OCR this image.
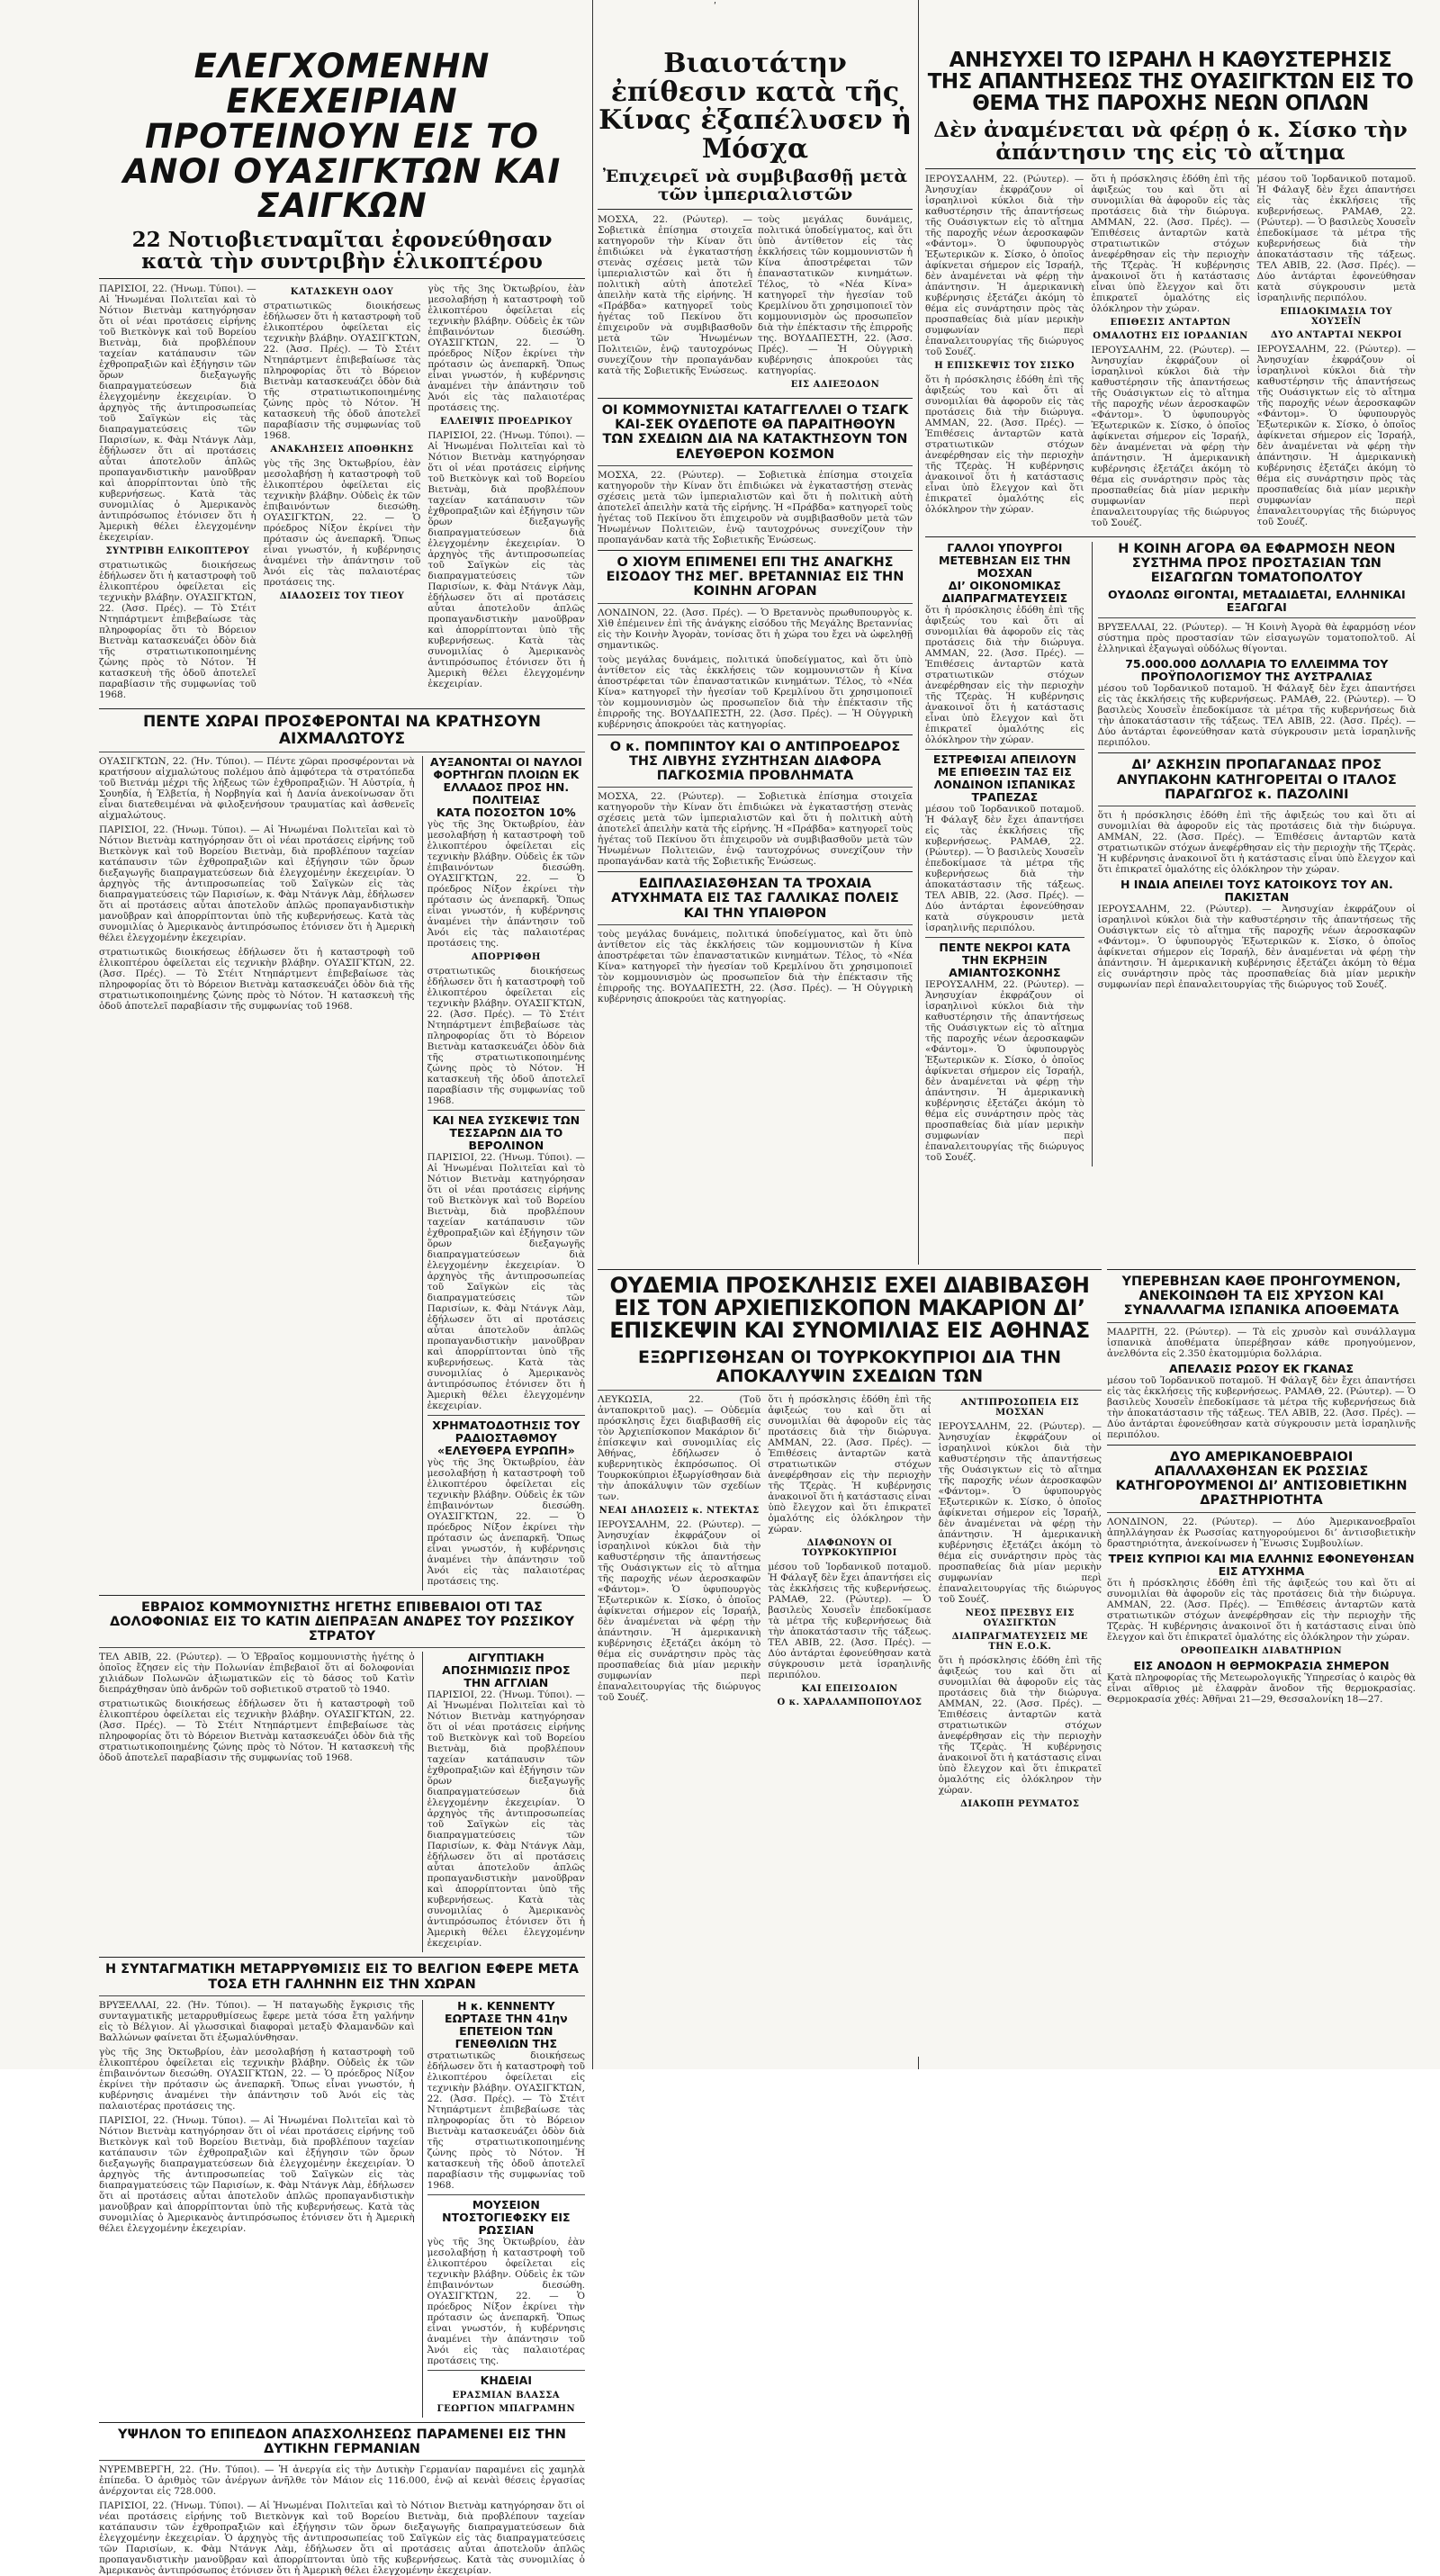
ʹ
ΕΛΕΓΧΟΜΕΝΗΝ ΕΚΕΧΕΙΡΙΑΝ ΠΡΟΤΕΙΝΟΥΝ ΕΙΣ ΤΟ ΑΝΟΙ ΟΥΑΣΙΓΚΤΩΝ ΚΑΙ ΣΑΙΓΚΩΝ
22 Νοτιοβιετναμῖται ἐφονεύθησαν κατὰ τὴν συντριβὴν ἑλικοπτέρου

ΠΑΡΙΣΙΟΙ, 22. (Ἡνωμ. Τύποι). — Αἱ Ἡνωμέναι Πολιτεῖαι καὶ τὸ Νότιον Βιετνὰμ κατηγόρησαν ὅτι οἱ νέαι προτάσεις εἰρήνης τοῦ Βιετκὸνγκ καὶ τοῦ Βορείου Βιετνὰμ, διὰ προβλέπουν ταχείαν κατάπαυσιν τῶν ἐχθροπραξιῶν καὶ ἐξήγησιν τῶν ὅρων διεξαγωγῆς διαπραγματεύσεων διὰ ἐλεγχομένην ἐκεχειρίαν. Ὁ ἀρχηγὸς τῆς ἀντιπροσωπείας τοῦ Σαϊγκὼν εἰς τὰς διαπραγματεύσεις τῶν Παρισίων, κ. Φὰμ Ντάνγκ Λὰμ, ἐδήλωσεν ὅτι αἱ προτάσεις αὗται ἀποτελοῦν ἀπλῶς προπαγανδιστικὴν μανοῦβραν καὶ ἀπορρίπτονται ὑπὸ τῆς κυβερνήσεως. Κατὰ τὰς συνομιλίας ὁ Ἀμερικανὸς ἀντιπρόσωπος ἐτόνισεν ὅτι ἡ Ἀμερικὴ θέλει ἐλεγχομένην ἐκεχειρίαν.

ΣΥΝΤΡΙΒΗ ΕΛΙΚΟΠΤΕΡΟΥ

στρατιωτικῶς διοικήσεως ἐδήλωσεν ὅτι ἡ καταστροφὴ τοῦ ἑλικοπτέρου ὀφείλεται εἰς τεχνικὴν βλάβην. ΟΥΑΣΙΓΚΤΩΝ, 22. (Ἀσσ. Πρές). — Τὸ Στέιτ Ντηπάρτμεντ ἐπιβεβαίωσε τὰς πληροφορίας ὅτι τὸ Βόρειον Βιετνὰμ κατασκευάζει ὁδὸν διὰ τῆς στρατιωτικοποιημένης ζώνης πρὸς τὸ Νότον. Ἡ κατασκευὴ τῆς ὁδοῦ ἀποτελεῖ παραβίασιν τῆς συμφωνίας τοῦ 1968.

ΚΑΤΑΣΚΕΥΗ ΟΔΟΥ

στρατιωτικῶς διοικήσεως ἐδήλωσεν ὅτι ἡ καταστροφὴ τοῦ ἑλικοπτέρου ὀφείλεται εἰς τεχνικὴν βλάβην. ΟΥΑΣΙΓΚΤΩΝ, 22. (Ἀσσ. Πρές). — Τὸ Στέιτ Ντηπάρτμεντ ἐπιβεβαίωσε τὰς πληροφορίας ὅτι τὸ Βόρειον Βιετνὰμ κατασκευάζει ὁδὸν διὰ τῆς στρατιωτικοποιημένης ζώνης πρὸς τὸ Νότον. Ἡ κατασκευὴ τῆς ὁδοῦ ἀποτελεῖ παραβίασιν τῆς συμφωνίας τοῦ 1968.

ΑΝΑΚΛΗΣΕΙΣ ΑΠΟΘΗΚΗΣ

γὺς τῆς 3ης Ὀκτωβρίου, ἐὰν μεσολαβήσῃ ἡ καταστροφὴ τοῦ ἑλικοπτέρου ὀφείλεται εἰς τεχνικὴν βλάβην. Οὐδεὶς ἐκ τῶν ἐπιβαινόντων διεσώθη. ΟΥΑΣΙΓΚΤΩΝ, 22. — Ὁ πρόεδρος Νίξον ἐκρίνει τὴν πρότασιν ὡς ἀνεπαρκῆ. Ὅπως εἶναι γνωστόν, ἡ κυβέρνησις ἀναμένει τὴν ἀπάντησιν τοῦ Ἀνόι εἰς τὰς παλαιοτέρας προτάσεις της.

ΔΙΑΔΟΣΕΙΣ ΤΟΥ ΤΙΕΟΥ

γὺς τῆς 3ης Ὀκτωβρίου, ἐὰν μεσολαβήσῃ ἡ καταστροφὴ τοῦ ἑλικοπτέρου ὀφείλεται εἰς τεχνικὴν βλάβην. Οὐδεὶς ἐκ τῶν ἐπιβαινόντων διεσώθη. ΟΥΑΣΙΓΚΤΩΝ, 22. — Ὁ πρόεδρος Νίξον ἐκρίνει τὴν πρότασιν ὡς ἀνεπαρκῆ. Ὅπως εἶναι γνωστόν, ἡ κυβέρνησις ἀναμένει τὴν ἀπάντησιν τοῦ Ἀνόι εἰς τὰς παλαιοτέρας προτάσεις της.

ΕΛΛΕΙΨΙΣ ΠΡΟΕΔΡΙΚΟΥ

ΠΑΡΙΣΙΟΙ, 22. (Ἡνωμ. Τύποι). — Αἱ Ἡνωμέναι Πολιτεῖαι καὶ τὸ Νότιον Βιετνὰμ κατηγόρησαν ὅτι οἱ νέαι προτάσεις εἰρήνης τοῦ Βιετκὸνγκ καὶ τοῦ Βορείου Βιετνὰμ, διὰ προβλέπουν ταχείαν κατάπαυσιν τῶν ἐχθροπραξιῶν καὶ ἐξήγησιν τῶν ὅρων διεξαγωγῆς διαπραγματεύσεων διὰ ἐλεγχομένην ἐκεχειρίαν. Ὁ ἀρχηγὸς τῆς ἀντιπροσωπείας τοῦ Σαϊγκὼν εἰς τὰς διαπραγματεύσεις τῶν Παρισίων, κ. Φὰμ Ντάνγκ Λὰμ, ἐδήλωσεν ὅτι αἱ προτάσεις αὗται ἀποτελοῦν ἀπλῶς προπαγανδιστικὴν μανοῦβραν καὶ ἀπορρίπτονται ὑπὸ τῆς κυβερνήσεως. Κατὰ τὰς συνομιλίας ὁ Ἀμερικανὸς ἀντιπρόσωπος ἐτόνισεν ὅτι ἡ Ἀμερικὴ θέλει ἐλεγχομένην ἐκεχειρίαν.

ΠΕΝΤΕ ΧΩΡΑΙ ΠΡΟΣΦΕΡΟΝΤΑΙ ΝΑ ΚΡΑΤΗΣΟΥΝ ΑΙΧΜΑΛΩΤΟΥΣ

ΟΥΑΣΙΓΚΤΩΝ, 22. (Ἡν. Τύποι). — Πέντε χῶραι προσφέρονται νὰ κρατήσουν αἰχμαλώτους πολέμου ἀπὸ ἀμφότερα τὰ στρατόπεδα τοῦ Βιετνάμ μέχρι τῆς λήξεως τῶν ἐχθροπραξιῶν. Ἡ Αὐστρία, ἡ Σουηδία, ἡ Ἐλβετία, ἡ Νορβηγία καὶ ἡ Δανία ἀνεκοίνωσαν ὅτι εἶναι διατεθειμέναι νὰ φιλοξενήσουν τραυματίας καὶ ἀσθενεῖς αἰχμαλώτους.

ΠΑΡΙΣΙΟΙ, 22. (Ἡνωμ. Τύποι). — Αἱ Ἡνωμέναι Πολιτεῖαι καὶ τὸ Νότιον Βιετνὰμ κατηγόρησαν ὅτι οἱ νέαι προτάσεις εἰρήνης τοῦ Βιετκὸνγκ καὶ τοῦ Βορείου Βιετνὰμ, διὰ προβλέπουν ταχείαν κατάπαυσιν τῶν ἐχθροπραξιῶν καὶ ἐξήγησιν τῶν ὅρων διεξαγωγῆς διαπραγματεύσεων διὰ ἐλεγχομένην ἐκεχειρίαν. Ὁ ἀρχηγὸς τῆς ἀντιπροσωπείας τοῦ Σαϊγκὼν εἰς τὰς διαπραγματεύσεις τῶν Παρισίων, κ. Φὰμ Ντάνγκ Λὰμ, ἐδήλωσεν ὅτι αἱ προτάσεις αὗται ἀποτελοῦν ἀπλῶς προπαγανδιστικὴν μανοῦβραν καὶ ἀπορρίπτονται ὑπὸ τῆς κυβερνήσεως. Κατὰ τὰς συνομιλίας ὁ Ἀμερικανὸς ἀντιπρόσωπος ἐτόνισεν ὅτι ἡ Ἀμερικὴ θέλει ἐλεγχομένην ἐκεχειρίαν.

στρατιωτικῶς διοικήσεως ἐδήλωσεν ὅτι ἡ καταστροφὴ τοῦ ἑλικοπτέρου ὀφείλεται εἰς τεχνικὴν βλάβην. ΟΥΑΣΙΓΚΤΩΝ, 22. (Ἀσσ. Πρές). — Τὸ Στέιτ Ντηπάρτμεντ ἐπιβεβαίωσε τὰς πληροφορίας ὅτι τὸ Βόρειον Βιετνὰμ κατασκευάζει ὁδὸν διὰ τῆς στρατιωτικοποιημένης ζώνης πρὸς τὸ Νότον. Ἡ κατασκευὴ τῆς ὁδοῦ ἀποτελεῖ παραβίασιν τῆς συμφωνίας τοῦ 1968.

ΑΥΞΑΝΟΝΤΑΙ ΟΙ ΝΑΥΛΟΙ ΦΟΡΤΗΓΩΝ ΠΛΟΙΩΝ ΕΚ ΕΛΛΑΔΟΣ ΠΡΟΣ ΗΝ. ΠΟΛΙΤΕΙΑΣ
ΚΑΤΑ ΠΟΣΟΣΤΟΝ 10%

γὺς τῆς 3ης Ὀκτωβρίου, ἐὰν μεσολαβήσῃ ἡ καταστροφὴ τοῦ ἑλικοπτέρου ὀφείλεται εἰς τεχνικὴν βλάβην. Οὐδεὶς ἐκ τῶν ἐπιβαινόντων διεσώθη. ΟΥΑΣΙΓΚΤΩΝ, 22. — Ὁ πρόεδρος Νίξον ἐκρίνει τὴν πρότασιν ὡς ἀνεπαρκῆ. Ὅπως εἶναι γνωστόν, ἡ κυβέρνησις ἀναμένει τὴν ἀπάντησιν τοῦ Ἀνόι εἰς τὰς παλαιοτέρας προτάσεις της.

ΑΠΟΡΡΙΦΘΗ

στρατιωτικῶς διοικήσεως ἐδήλωσεν ὅτι ἡ καταστροφὴ τοῦ ἑλικοπτέρου ὀφείλεται εἰς τεχνικὴν βλάβην. ΟΥΑΣΙΓΚΤΩΝ, 22. (Ἀσσ. Πρές). — Τὸ Στέιτ Ντηπάρτμεντ ἐπιβεβαίωσε τὰς πληροφορίας ὅτι τὸ Βόρειον Βιετνὰμ κατασκευάζει ὁδὸν διὰ τῆς στρατιωτικοποιημένης ζώνης πρὸς τὸ Νότον. Ἡ κατασκευὴ τῆς ὁδοῦ ἀποτελεῖ παραβίασιν τῆς συμφωνίας τοῦ 1968.

ΚΑΙ ΝΕΑ ΣΥΣΚΕΨΙΣ ΤΩΝ ΤΕΣΣΑΡΩΝ ΔΙΑ ΤΟ ΒΕΡΟΛΙΝΟΝ

ΠΑΡΙΣΙΟΙ, 22. (Ἡνωμ. Τύποι). — Αἱ Ἡνωμέναι Πολιτεῖαι καὶ τὸ Νότιον Βιετνὰμ κατηγόρησαν ὅτι οἱ νέαι προτάσεις εἰρήνης τοῦ Βιετκὸνγκ καὶ τοῦ Βορείου Βιετνὰμ, διὰ προβλέπουν ταχείαν κατάπαυσιν τῶν ἐχθροπραξιῶν καὶ ἐξήγησιν τῶν ὅρων διεξαγωγῆς διαπραγματεύσεων διὰ ἐλεγχομένην ἐκεχειρίαν. Ὁ ἀρχηγὸς τῆς ἀντιπροσωπείας τοῦ Σαϊγκὼν εἰς τὰς διαπραγματεύσεις τῶν Παρισίων, κ. Φὰμ Ντάνγκ Λὰμ, ἐδήλωσεν ὅτι αἱ προτάσεις αὗται ἀποτελοῦν ἀπλῶς προπαγανδιστικὴν μανοῦβραν καὶ ἀπορρίπτονται ὑπὸ τῆς κυβερνήσεως. Κατὰ τὰς συνομιλίας ὁ Ἀμερικανὸς ἀντιπρόσωπος ἐτόνισεν ὅτι ἡ Ἀμερικὴ θέλει ἐλεγχομένην ἐκεχειρίαν.

ΧΡΗΜΑΤΟΔΟΤΗΣΙΣ ΤΟΥ ΡΑΔΙΟΣΤΑΘΜΟΥ «ΕΛΕΥΘΕΡΑ ΕΥΡΩΠΗ»

γὺς τῆς 3ης Ὀκτωβρίου, ἐὰν μεσολαβήσῃ ἡ καταστροφὴ τοῦ ἑλικοπτέρου ὀφείλεται εἰς τεχνικὴν βλάβην. Οὐδεὶς ἐκ τῶν ἐπιβαινόντων διεσώθη. ΟΥΑΣΙΓΚΤΩΝ, 22. — Ὁ πρόεδρος Νίξον ἐκρίνει τὴν πρότασιν ὡς ἀνεπαρκῆ. Ὅπως εἶναι γνωστόν, ἡ κυβέρνησις ἀναμένει τὴν ἀπάντησιν τοῦ Ἀνόι εἰς τὰς παλαιοτέρας προτάσεις της.

ΕΒΡΑΙΟΣ ΚΟΜΜΟΥΝΙΣΤΗΣ ΗΓΕΤΗΣ ΕΠΙΒΕΒΑΙΟΙ ΟΤΙ ΤΑΣ ΔΟΛΟΦΟΝΙΑΣ ΕΙΣ ΤΟ ΚΑΤΙΝ ΔΙΕΠΡΑΞΑΝ ΑΝΔΡΕΣ ΤΟΥ ΡΩΣΣΙΚΟΥ ΣΤΡΑΤΟΥ

ΤΕΛ ΑΒΙΒ, 22. (Ρώυτερ). — Ὁ Ἑβραῖος κομμουνιστὴς ἡγέτης ὁ ὁποῖος ἔζησεν εἰς τὴν Πολωνίαν ἐπιβεβαιοῖ ὅτι αἱ δολοφονίαι χιλιάδων Πολωνῶν ἀξιωματικῶν εἰς τὸ δάσος τοῦ Κατὶν διεπράχθησαν ὑπὸ ἀνδρῶν τοῦ σοβιετικοῦ στρατοῦ τὸ 1940.

στρατιωτικῶς διοικήσεως ἐδήλωσεν ὅτι ἡ καταστροφὴ τοῦ ἑλικοπτέρου ὀφείλεται εἰς τεχνικὴν βλάβην. ΟΥΑΣΙΓΚΤΩΝ, 22. (Ἀσσ. Πρές). — Τὸ Στέιτ Ντηπάρτμεντ ἐπιβεβαίωσε τὰς πληροφορίας ὅτι τὸ Βόρειον Βιετνὰμ κατασκευάζει ὁδὸν διὰ τῆς στρατιωτικοποιημένης ζώνης πρὸς τὸ Νότον. Ἡ κατασκευὴ τῆς ὁδοῦ ἀποτελεῖ παραβίασιν τῆς συμφωνίας τοῦ 1968.

ΑΙΓΥΠΤΙΑΚΗ ΑΠΟΣΗΜΙΩΣΙΣ ΠΡΟΣ ΤΗΝ ΑΓΓΛΙΑΝ

ΠΑΡΙΣΙΟΙ, 22. (Ἡνωμ. Τύποι). — Αἱ Ἡνωμέναι Πολιτεῖαι καὶ τὸ Νότιον Βιετνὰμ κατηγόρησαν ὅτι οἱ νέαι προτάσεις εἰρήνης τοῦ Βιετκὸνγκ καὶ τοῦ Βορείου Βιετνὰμ, διὰ προβλέπουν ταχείαν κατάπαυσιν τῶν ἐχθροπραξιῶν καὶ ἐξήγησιν τῶν ὅρων διεξαγωγῆς διαπραγματεύσεων διὰ ἐλεγχομένην ἐκεχειρίαν. Ὁ ἀρχηγὸς τῆς ἀντιπροσωπείας τοῦ Σαϊγκὼν εἰς τὰς διαπραγματεύσεις τῶν Παρισίων, κ. Φὰμ Ντάνγκ Λὰμ, ἐδήλωσεν ὅτι αἱ προτάσεις αὗται ἀποτελοῦν ἀπλῶς προπαγανδιστικὴν μανοῦβραν καὶ ἀπορρίπτονται ὑπὸ τῆς κυβερνήσεως. Κατὰ τὰς συνομιλίας ὁ Ἀμερικανὸς ἀντιπρόσωπος ἐτόνισεν ὅτι ἡ Ἀμερικὴ θέλει ἐλεγχομένην ἐκεχειρίαν.

Η ΣΥΝΤΑΓΜΑΤΙΚΗ ΜΕΤΑΡΡΥΘΜΙΣΙΣ ΕΙΣ ΤΟ ΒΕΛΓΙΟΝ ΕΦΕΡΕ ΜΕΤΑ ΤΟΣΑ ΕΤΗ ΓΑΛΗΝΗΝ ΕΙΣ ΤΗΝ ΧΩΡΑΝ

ΒΡΥΞΕΛΛΑΙ, 22. (Ἡν. Τύποι). — Ἡ παταγωδὴς ἔγκρισις τῆς συνταγματικῆς μεταρρυθμίσεως ἔφερε μετὰ τόσα ἔτη γαλήνην εἰς τὸ Βέλγιον. Αἱ γλωσσικαὶ διαφοραὶ μεταξὺ Φλαμανδῶν καὶ Βαλλώνων φαίνεται ὅτι ἐξωμαλύνθησαν.

γὺς τῆς 3ης Ὀκτωβρίου, ἐὰν μεσολαβήσῃ ἡ καταστροφὴ τοῦ ἑλικοπτέρου ὀφείλεται εἰς τεχνικὴν βλάβην. Οὐδεὶς ἐκ τῶν ἐπιβαινόντων διεσώθη. ΟΥΑΣΙΓΚΤΩΝ, 22. — Ὁ πρόεδρος Νίξον ἐκρίνει τὴν πρότασιν ὡς ἀνεπαρκῆ. Ὅπως εἶναι γνωστόν, ἡ κυβέρνησις ἀναμένει τὴν ἀπάντησιν τοῦ Ἀνόι εἰς τὰς παλαιοτέρας προτάσεις της.

ΠΑΡΙΣΙΟΙ, 22. (Ἡνωμ. Τύποι). — Αἱ Ἡνωμέναι Πολιτεῖαι καὶ τὸ Νότιον Βιετνὰμ κατηγόρησαν ὅτι οἱ νέαι προτάσεις εἰρήνης τοῦ Βιετκὸνγκ καὶ τοῦ Βορείου Βιετνὰμ, διὰ προβλέπουν ταχείαν κατάπαυσιν τῶν ἐχθροπραξιῶν καὶ ἐξήγησιν τῶν ὅρων διεξαγωγῆς διαπραγματεύσεων διὰ ἐλεγχομένην ἐκεχειρίαν. Ὁ ἀρχηγὸς τῆς ἀντιπροσωπείας τοῦ Σαϊγκὼν εἰς τὰς διαπραγματεύσεις τῶν Παρισίων, κ. Φὰμ Ντάνγκ Λὰμ, ἐδήλωσεν ὅτι αἱ προτάσεις αὗται ἀποτελοῦν ἀπλῶς προπαγανδιστικὴν μανοῦβραν καὶ ἀπορρίπτονται ὑπὸ τῆς κυβερνήσεως. Κατὰ τὰς συνομιλίας ὁ Ἀμερικανὸς ἀντιπρόσωπος ἐτόνισεν ὅτι ἡ Ἀμερικὴ θέλει ἐλεγχομένην ἐκεχειρίαν.

Η κ. ΚΕΝΝΕΝΤΥ ΕΩΡΤΑΣΕ ΤΗΝ 41ην ΕΠΕΤΕΙΟΝ ΤΩΝ ΓΕΝΕΘΛΙΩΝ ΤΗΣ

στρατιωτικῶς διοικήσεως ἐδήλωσεν ὅτι ἡ καταστροφὴ τοῦ ἑλικοπτέρου ὀφείλεται εἰς τεχνικὴν βλάβην. ΟΥΑΣΙΓΚΤΩΝ, 22. (Ἀσσ. Πρές). — Τὸ Στέιτ Ντηπάρτμεντ ἐπιβεβαίωσε τὰς πληροφορίας ὅτι τὸ Βόρειον Βιετνὰμ κατασκευάζει ὁδὸν διὰ τῆς στρατιωτικοποιημένης ζώνης πρὸς τὸ Νότον. Ἡ κατασκευὴ τῆς ὁδοῦ ἀποτελεῖ παραβίασιν τῆς συμφωνίας τοῦ 1968.

ΜΟΥΣΕΙΟΝ ΝΤΟΣΤΟΓΙΕΦΣΚΥ ΕΙΣ ΡΩΣΣΙΑΝ

γὺς τῆς 3ης Ὀκτωβρίου, ἐὰν μεσολαβήσῃ ἡ καταστροφὴ τοῦ ἑλικοπτέρου ὀφείλεται εἰς τεχνικὴν βλάβην. Οὐδεὶς ἐκ τῶν ἐπιβαινόντων διεσώθη. ΟΥΑΣΙΓΚΤΩΝ, 22. — Ὁ πρόεδρος Νίξον ἐκρίνει τὴν πρότασιν ὡς ἀνεπαρκῆ. Ὅπως εἶναι γνωστόν, ἡ κυβέρνησις ἀναμένει τὴν ἀπάντησιν τοῦ Ἀνόι εἰς τὰς παλαιοτέρας προτάσεις της.

ΚΗΔΕΙΑΙ
ΕΡΑΣΜΙΑΝ ΒΛΑΣΣΑ
ΓΕΩΡΓΙΟΝ ΜΠΑΓΡΑΜΗΝ
ΥΨΗΛΟΝ ΤΟ ΕΠΙΠΕΔΟΝ ΑΠΑΣΧΟΛΗΣΕΩΣ ΠΑΡΑΜΕΝΕΙ ΕΙΣ ΤΗΝ ΔΥΤΙΚΗΝ ΓΕΡΜΑΝΙΑΝ

ΝΥΡΕΜΒΕΡΓΗ, 22. (Ἡν. Τύποι). — Ἡ ἀνεργία εἰς τὴν Δυτικὴν Γερμανίαν παραμένει εἰς χαμηλὰ ἐπίπεδα. Ὁ ἀριθμὸς τῶν ἀνέργων ἀνῆλθε τὸν Μάιον εἰς 116.000, ἐνῷ αἱ κενὰὶ θέσεις ἐργασίας ἀνέρχονται εἰς 728.000.

ΠΑΡΙΣΙΟΙ, 22. (Ἡνωμ. Τύποι). — Αἱ Ἡνωμέναι Πολιτεῖαι καὶ τὸ Νότιον Βιετνὰμ κατηγόρησαν ὅτι οἱ νέαι προτάσεις εἰρήνης τοῦ Βιετκὸνγκ καὶ τοῦ Βορείου Βιετνὰμ, διὰ προβλέπουν ταχείαν κατάπαυσιν τῶν ἐχθροπραξιῶν καὶ ἐξήγησιν τῶν ὅρων διεξαγωγῆς διαπραγματεύσεων διὰ ἐλεγχομένην ἐκεχειρίαν. Ὁ ἀρχηγὸς τῆς ἀντιπροσωπείας τοῦ Σαϊγκὼν εἰς τὰς διαπραγματεύσεις τῶν Παρισίων, κ. Φὰμ Ντάνγκ Λὰμ, ἐδήλωσεν ὅτι αἱ προτάσεις αὗται ἀποτελοῦν ἀπλῶς προπαγανδιστικὴν μανοῦβραν καὶ ἀπορρίπτονται ὑπὸ τῆς κυβερνήσεως. Κατὰ τὰς συνομιλίας ὁ Ἀμερικανὸς ἀντιπρόσωπος ἐτόνισεν ὅτι ἡ Ἀμερικὴ θέλει ἐλεγχομένην ἐκεχειρίαν.

Βιαιοτάτην ἐπίθεσιν κατὰ τῆς Κίνας ἐξαπέλυσεν ἡ Μόσχα
Ἐπιχειρεῖ νὰ συμβιβασθῇ μετὰ τῶν ἰμπεριαλιστῶν

ΜΟΣΧΑ, 22. (Ρώυτερ). — Σοβιετικὰ ἐπίσημα στοιχεῖα κατηγοροῦν τὴν Κίναν ὅτι ἐπιδιώκει νὰ ἐγκαταστήσῃ στενὰς σχέσεις μετὰ τῶν ἰμπεριαλιστῶν καὶ ὅτι ἡ πολιτικὴ αὐτὴ ἀποτελεῖ ἀπειλὴν κατὰ τῆς εἰρήνης. Ἡ «Πράβδα» κατηγορεῖ τοὺς ἡγέτας τοῦ Πεκίνου ὅτι ἐπιχειροῦν νὰ συμβιβασθοῦν μετὰ τῶν Ἡνωμένων Πολιτειῶν, ἐνῷ ταυτοχρόνως συνεχίζουν τὴν προπαγάνδαν κατὰ τῆς Σοβιετικῆς Ἑνώσεως.

τοὺς μεγάλας δυνάμεις, πολιτικά ὑποδείγματος, καὶ ὅτι ὑπὸ ἀντίθετον εἰς τὰς ἐκκλήσεις τῶν κομμουνιστῶν ἡ Κίνα ἀποστρέφεται τῶν ἐπαναστατικῶν κινημάτων. Τέλος, τὸ «Νέα Κίνα» κατηγορεῖ τὴν ἡγεσίαν τοῦ Κρεμλίνου ὅτι χρησιμοποιεῖ τὸν κομμουνισμὸν ὡς προσωπεῖον διὰ τὴν ἐπέκτασιν τῆς ἐπιρροῆς της. ΒΟΥΔΑΠΕΣΤΗ, 22. (Ἀσσ. Πρές). — Ἡ Οὑγγρικὴ κυβέρνησις ἀποκρούει τὰς κατηγορίας.

ΕΙΣ ΑΔΙΕΞΟΔΟΝ
ΟΙ ΚΟΜΜΟΥΝΙΣΤΑΙ ΚΑΤΑΓΓΕΛΛΕΙ Ο ΤΣΑΓΚ ΚΑΙ-ΣΕΚ ΟΥΔΕΠΟΤΕ ΘΑ ΠΑΡΑΙΤΗΘΟΥΝ ΤΩΝ ΣΧΕΔΙΩΝ ΔΙΑ ΝΑ ΚΑΤΑΚΤΗΣΟΥΝ ΤΟΝ ΕΛΕΥΘΕΡΟΝ ΚΟΣΜΟΝ

ΜΟΣΧΑ, 22. (Ρώυτερ). — Σοβιετικὰ ἐπίσημα στοιχεῖα κατηγοροῦν τὴν Κίναν ὅτι ἐπιδιώκει νὰ ἐγκαταστήσῃ στενὰς σχέσεις μετὰ τῶν ἰμπεριαλιστῶν καὶ ὅτι ἡ πολιτικὴ αὐτὴ ἀποτελεῖ ἀπειλὴν κατὰ τῆς εἰρήνης. Ἡ «Πράβδα» κατηγορεῖ τοὺς ἡγέτας τοῦ Πεκίνου ὅτι ἐπιχειροῦν νὰ συμβιβασθοῦν μετὰ τῶν Ἡνωμένων Πολιτειῶν, ἐνῷ ταυτοχρόνως συνεχίζουν τὴν προπαγάνδαν κατὰ τῆς Σοβιετικῆς Ἑνώσεως.

Ο ΧΙΟΥΜ ΕΠΙΜΕΝΕΙ ΕΠΙ ΤΗΣ ΑΝΑΓΚΗΣ ΕΙΣΟΔΟΥ ΤΗΣ ΜΕΓ. ΒΡΕΤΑΝΝΙΑΣ ΕΙΣ ΤΗΝ ΚΟΙΝΗΝ ΑΓΟΡΑΝ

ΛΟΝΔΙΝΟΝ, 22. (Ἀσσ. Πρές). — Ὁ Βρεταννὸς πρωθυπουργὸς κ. Χὶθ ἐπέμεινεν ἐπὶ τῆς ἀνάγκης εἰσόδου τῆς Μεγάλης Βρεταννίας εἰς τὴν Κοινὴν Ἀγορὰν, τονίσας ὅτι ἡ χώρα του ἔχει νὰ ὠφεληθῇ σημαντικῶς.

τοὺς μεγάλας δυνάμεις, πολιτικά ὑποδείγματος, καὶ ὅτι ὑπὸ ἀντίθετον εἰς τὰς ἐκκλήσεις τῶν κομμουνιστῶν ἡ Κίνα ἀποστρέφεται τῶν ἐπαναστατικῶν κινημάτων. Τέλος, τὸ «Νέα Κίνα» κατηγορεῖ τὴν ἡγεσίαν τοῦ Κρεμλίνου ὅτι χρησιμοποιεῖ τὸν κομμουνισμὸν ὡς προσωπεῖον διὰ τὴν ἐπέκτασιν τῆς ἐπιρροῆς της. ΒΟΥΔΑΠΕΣΤΗ, 22. (Ἀσσ. Πρές). — Ἡ Οὑγγρικὴ κυβέρνησις ἀποκρούει τὰς κατηγορίας.

Ο κ. ΠΟΜΠΙΝΤΟΥ ΚΑΙ Ο ΑΝΤΙΠΡΟΕΔΡΟΣ ΤΗΣ ΛΙΒΥΗΣ ΣΥΖΗΤΗΣΑΝ ΔΙΑΦΟΡΑ ΠΑΓΚΟΣΜΙΑ ΠΡΟΒΛΗΜΑΤΑ

ΜΟΣΧΑ, 22. (Ρώυτερ). — Σοβιετικὰ ἐπίσημα στοιχεῖα κατηγοροῦν τὴν Κίναν ὅτι ἐπιδιώκει νὰ ἐγκαταστήσῃ στενὰς σχέσεις μετὰ τῶν ἰμπεριαλιστῶν καὶ ὅτι ἡ πολιτικὴ αὐτὴ ἀποτελεῖ ἀπειλὴν κατὰ τῆς εἰρήνης. Ἡ «Πράβδα» κατηγορεῖ τοὺς ἡγέτας τοῦ Πεκίνου ὅτι ἐπιχειροῦν νὰ συμβιβασθοῦν μετὰ τῶν Ἡνωμένων Πολιτειῶν, ἐνῷ ταυτοχρόνως συνεχίζουν τὴν προπαγάνδαν κατὰ τῆς Σοβιετικῆς Ἑνώσεως.

ΕΔΙΠΛΑΣΙΑΣΘΗΣΑΝ ΤΑ ΤΡΟΧΑΙΑ ΑΤΥΧΗΜΑΤΑ ΕΙΣ ΤΑΣ ΓΑΛΛΙΚΑΣ ΠΟΛΕΙΣ ΚΑΙ ΤΗΝ ΥΠΑΙΘΡΟΝ

τοὺς μεγάλας δυνάμεις, πολιτικά ὑποδείγματος, καὶ ὅτι ὑπὸ ἀντίθετον εἰς τὰς ἐκκλήσεις τῶν κομμουνιστῶν ἡ Κίνα ἀποστρέφεται τῶν ἐπαναστατικῶν κινημάτων. Τέλος, τὸ «Νέα Κίνα» κατηγορεῖ τὴν ἡγεσίαν τοῦ Κρεμλίνου ὅτι χρησιμοποιεῖ τὸν κομμουνισμὸν ὡς προσωπεῖον διὰ τὴν ἐπέκτασιν τῆς ἐπιρροῆς της. ΒΟΥΔΑΠΕΣΤΗ, 22. (Ἀσσ. Πρές). — Ἡ Οὑγγρικὴ κυβέρνησις ἀποκρούει τὰς κατηγορίας.

ΟΥΔΕΜΙΑ ΠΡΟΣΚΛΗΣΙΣ ΕΧΕΙ ΔΙΑΒΙΒΑΣΘΗ ΕΙΣ ΤΟΝ ΑΡΧΙΕΠΙΣΚΟΠΟΝ ΜΑΚΑΡΙΟΝ ΔΙ’ ΕΠΙΣΚΕΨΙΝ ΚΑΙ ΣΥΝΟΜΙΛΙΑΣ ΕΙΣ ΑΘΗΝΑΣ
ΕΞΩΡΓΙΣΘΗΣΑΝ ΟΙ ΤΟΥΡΚΟΚΥΠΡΙΟΙ ΔΙΑ ΤΗΝ ΑΠΟΚΑΛΥΨΙΝ ΣΧΕΔΙΩΝ ΤΩΝ

ΛΕΥΚΩΣΙΑ, 22. (Τοῦ ἀνταποκριτοῦ μας). — Οὐδεμία πρόσκλησις ἔχει διαβιβασθῆ εἰς τὸν Ἀρχιεπίσκοπον Μακάριον δι’ ἐπίσκεψιν καὶ συνομιλίας εἰς Ἀθήνας, ἐδήλωσεν ὁ κυβερνητικὸς ἐκπρόσωπος. Οἱ Τουρκοκύπριοι ἐξωργίσθησαν διὰ τὴν ἀποκάλυψιν τῶν σχεδίων των.

ΝΕΑΙ ΔΗΛΩΣΕΙΣ κ. ΝΤΕΚΤΑΣ

ΙΕΡΟΥΣΑΛΗΜ, 22. (Ρώυτερ). — Ἀνησυχίαν ἐκφράζουν οἱ ἰσραηλινοὶ κύκλοι διὰ τὴν καθυστέρησιν τῆς ἀπαντήσεως τῆς Ουάσιγκτων εἰς τὸ αἴτημα τῆς παροχῆς νέων ἀεροσκαφῶν «Φάντομ». Ὁ ὑφυπουργὸς Ἐξωτερικῶν κ. Σίσκο, ὁ ὁποῖος ἀφίκνεται σήμερον εἰς Ἰσραήλ, δὲν ἀναμένεται νὰ φέρῃ τὴν ἀπάντησιν. Ἡ ἀμερικανικὴ κυβέρνησις ἐξετάζει ἀκόμη τὸ θέμα εἰς συνάρτησιν πρὸς τὰς προσπαθείας διὰ μίαν μερικὴν συμφωνίαν περὶ ἐπαναλειτουργίας τῆς διώρυγος τοῦ Σουέζ.

ὅτι ἡ πρόσκλησις ἐδόθη ἐπὶ τῆς ἀφιξεώς του καὶ ὅτι αἱ συνομιλίαι θὰ ἀφοροῦν εἰς τὰς προτάσεις διὰ τὴν διώρυγα. ΑΜΜΑΝ, 22. (Ἀσσ. Πρές). — Ἐπιθέσεις ἀνταρτῶν κατὰ στρατιωτικῶν στόχων ἀνεφέρθησαν εἰς τὴν περιοχὴν τῆς Τζερὰς. Ἡ κυβέρνησις ἀνακοινοῖ ὅτι ἡ κατάστασις εἶναι ὑπὸ ἔλεγχον καὶ ὅτι ἐπικρατεῖ ὁμαλότης εἰς ὁλόκληρον τὴν χώραν.

ΔΙΑΦΩΝΟΥΝ ΟΙ ΤΟΥΡΚΟΚΥΠΡΙΟΙ

μέσου τοῦ Ἰορδανικοῦ ποταμοῦ. Ἡ Φάλαγξ δὲν ἔχει ἀπαντήσει εἰς τὰς ἐκκλήσεις τῆς κυβερνήσεως. ΡΑΜΑΘ, 22. (Ρώυτερ). — Ὁ βασιλεὺς Χουσεῒν ἐπεδοκίμασε τὰ μέτρα τῆς κυβερνήσεως διὰ τὴν ἀποκατάστασιν τῆς τάξεως. ΤΕΛ ΑΒΙΒ, 22. (Ἀσσ. Πρές). — Δύο ἀντάρται ἐφονεύθησαν κατὰ σύγκρουσιν μετὰ ἰσραηλινῆς περιπόλου.

ΚΑΙ ΕΠΕΙΣΟΔΙΟΝ
Ο κ. ΧΑΡΑΛΑΜΠΟΠΟΥΛΟΣ
ΑΝΤΙΠΡΟΣΩΠΕΙΑ ΕΙΣ ΜΟΣΧΑΝ

ΙΕΡΟΥΣΑΛΗΜ, 22. (Ρώυτερ). — Ἀνησυχίαν ἐκφράζουν οἱ ἰσραηλινοὶ κύκλοι διὰ τὴν καθυστέρησιν τῆς ἀπαντήσεως τῆς Ουάσιγκτων εἰς τὸ αἴτημα τῆς παροχῆς νέων ἀεροσκαφῶν «Φάντομ». Ὁ ὑφυπουργὸς Ἐξωτερικῶν κ. Σίσκο, ὁ ὁποῖος ἀφίκνεται σήμερον εἰς Ἰσραήλ, δὲν ἀναμένεται νὰ φέρῃ τὴν ἀπάντησιν. Ἡ ἀμερικανικὴ κυβέρνησις ἐξετάζει ἀκόμη τὸ θέμα εἰς συνάρτησιν πρὸς τὰς προσπαθείας διὰ μίαν μερικὴν συμφωνίαν περὶ ἐπαναλειτουργίας τῆς διώρυγος τοῦ Σουέζ.

ΝΕΟΣ ΠΡΕΣΒΥΣ ΕΙΣ ΟΥΑΣΙΓΚΤΩΝ
ΔΙΑΠΡΑΓΜΑΤΕΥΣΕΙΣ ΜΕ ΤΗΝ Ε.Ο.Κ.

ὅτι ἡ πρόσκλησις ἐδόθη ἐπὶ τῆς ἀφιξεώς του καὶ ὅτι αἱ συνομιλίαι θὰ ἀφοροῦν εἰς τὰς προτάσεις διὰ τὴν διώρυγα. ΑΜΜΑΝ, 22. (Ἀσσ. Πρές). — Ἐπιθέσεις ἀνταρτῶν κατὰ στρατιωτικῶν στόχων ἀνεφέρθησαν εἰς τὴν περιοχὴν τῆς Τζερὰς. Ἡ κυβέρνησις ἀνακοινοῖ ὅτι ἡ κατάστασις εἶναι ὑπὸ ἔλεγχον καὶ ὅτι ἐπικρατεῖ ὁμαλότης εἰς ὁλόκληρον τὴν χώραν.

ΔΙΑΚΟΠΗ ΡΕΥΜΑΤΟΣ
ΑΝΗΣΥΧΕΙ ΤΟ ΙΣΡΑΗΛ Η ΚΑΘΥΣΤΕΡΗΣΙΣ ΤΗΣ ΑΠΑΝΤΗΣΕΩΣ ΤΗΣ ΟΥΑΣΙΓΚΤΩΝ ΕΙΣ ΤΟ ΘΕΜΑ ΤΗΣ ΠΑΡΟΧΗΣ ΝΕΩΝ ΟΠΛΩΝ
Δὲν ἀναμένεται νὰ φέρῃ ὁ κ. Σίσκο τὴν ἀπάντησιν της εἰς τὸ αἴτημα

ΙΕΡΟΥΣΑΛΗΜ, 22. (Ρώυτερ). — Ἀνησυχίαν ἐκφράζουν οἱ ἰσραηλινοὶ κύκλοι διὰ τὴν καθυστέρησιν τῆς ἀπαντήσεως τῆς Ουάσιγκτων εἰς τὸ αἴτημα τῆς παροχῆς νέων ἀεροσκαφῶν «Φάντομ». Ὁ ὑφυπουργὸς Ἐξωτερικῶν κ. Σίσκο, ὁ ὁποῖος ἀφίκνεται σήμερον εἰς Ἰσραήλ, δὲν ἀναμένεται νὰ φέρῃ τὴν ἀπάντησιν. Ἡ ἀμερικανικὴ κυβέρνησις ἐξετάζει ἀκόμη τὸ θέμα εἰς συνάρτησιν πρὸς τὰς προσπαθείας διὰ μίαν μερικὴν συμφωνίαν περὶ ἐπαναλειτουργίας τῆς διώρυγος τοῦ Σουέζ.

Η ΕΠΙΣΚΕΨΙΣ ΤΟΥ ΣΙΣΚΟ

ὅτι ἡ πρόσκλησις ἐδόθη ἐπὶ τῆς ἀφιξεώς του καὶ ὅτι αἱ συνομιλίαι θὰ ἀφοροῦν εἰς τὰς προτάσεις διὰ τὴν διώρυγα. ΑΜΜΑΝ, 22. (Ἀσσ. Πρές). — Ἐπιθέσεις ἀνταρτῶν κατὰ στρατιωτικῶν στόχων ἀνεφέρθησαν εἰς τὴν περιοχὴν τῆς Τζερὰς. Ἡ κυβέρνησις ἀνακοινοῖ ὅτι ἡ κατάστασις εἶναι ὑπὸ ἔλεγχον καὶ ὅτι ἐπικρατεῖ ὁμαλότης εἰς ὁλόκληρον τὴν χώραν.

ὅτι ἡ πρόσκλησις ἐδόθη ἐπὶ τῆς ἀφιξεώς του καὶ ὅτι αἱ συνομιλίαι θὰ ἀφοροῦν εἰς τὰς προτάσεις διὰ τὴν διώρυγα. ΑΜΜΑΝ, 22. (Ἀσσ. Πρές). — Ἐπιθέσεις ἀνταρτῶν κατὰ στρατιωτικῶν στόχων ἀνεφέρθησαν εἰς τὴν περιοχὴν τῆς Τζερὰς. Ἡ κυβέρνησις ἀνακοινοῖ ὅτι ἡ κατάστασις εἶναι ὑπὸ ἔλεγχον καὶ ὅτι ἐπικρατεῖ ὁμαλότης εἰς ὁλόκληρον τὴν χώραν.

ΕΠΙΘΕΣΙΣ ΑΝΤΑΡΤΩΝ
ΟΜΑΛΟΤΗΣ ΕΙΣ ΙΟΡΔΑΝΙΑΝ

ΙΕΡΟΥΣΑΛΗΜ, 22. (Ρώυτερ). — Ἀνησυχίαν ἐκφράζουν οἱ ἰσραηλινοὶ κύκλοι διὰ τὴν καθυστέρησιν τῆς ἀπαντήσεως τῆς Ουάσιγκτων εἰς τὸ αἴτημα τῆς παροχῆς νέων ἀεροσκαφῶν «Φάντομ». Ὁ ὑφυπουργὸς Ἐξωτερικῶν κ. Σίσκο, ὁ ὁποῖος ἀφίκνεται σήμερον εἰς Ἰσραήλ, δὲν ἀναμένεται νὰ φέρῃ τὴν ἀπάντησιν. Ἡ ἀμερικανικὴ κυβέρνησις ἐξετάζει ἀκόμη τὸ θέμα εἰς συνάρτησιν πρὸς τὰς προσπαθείας διὰ μίαν μερικὴν συμφωνίαν περὶ ἐπαναλειτουργίας τῆς διώρυγος τοῦ Σουέζ.

μέσου τοῦ Ἰορδανικοῦ ποταμοῦ. Ἡ Φάλαγξ δὲν ἔχει ἀπαντήσει εἰς τὰς ἐκκλήσεις τῆς κυβερνήσεως. ΡΑΜΑΘ, 22. (Ρώυτερ). — Ὁ βασιλεὺς Χουσεῒν ἐπεδοκίμασε τὰ μέτρα τῆς κυβερνήσεως διὰ τὴν ἀποκατάστασιν τῆς τάξεως. ΤΕΛ ΑΒΙΒ, 22. (Ἀσσ. Πρές). — Δύο ἀντάρται ἐφονεύθησαν κατὰ σύγκρουσιν μετὰ ἰσραηλινῆς περιπόλου.

ΕΠΙΔΟΚΙΜΑΣΙΑ ΤΟΥ ΧΟΥΣΕΪΝ
ΔΥΟ ΑΝΤΑΡΤΑΙ ΝΕΚΡΟΙ

ΙΕΡΟΥΣΑΛΗΜ, 22. (Ρώυτερ). — Ἀνησυχίαν ἐκφράζουν οἱ ἰσραηλινοὶ κύκλοι διὰ τὴν καθυστέρησιν τῆς ἀπαντήσεως τῆς Ουάσιγκτων εἰς τὸ αἴτημα τῆς παροχῆς νέων ἀεροσκαφῶν «Φάντομ». Ὁ ὑφυπουργὸς Ἐξωτερικῶν κ. Σίσκο, ὁ ὁποῖος ἀφίκνεται σήμερον εἰς Ἰσραήλ, δὲν ἀναμένεται νὰ φέρῃ τὴν ἀπάντησιν. Ἡ ἀμερικανικὴ κυβέρνησις ἐξετάζει ἀκόμη τὸ θέμα εἰς συνάρτησιν πρὸς τὰς προσπαθείας διὰ μίαν μερικὴν συμφωνίαν περὶ ἐπαναλειτουργίας τῆς διώρυγος τοῦ Σουέζ.

ΓΑΛΛΟΙ ΥΠΟΥΡΓΟΙ ΜΕΤΕΒΗΣΑΝ ΕΙΣ ΤΗΝ ΜΟΣΧΑΝ
ΔΙ’ ΟΙΚΟΝΟΜΙΚΑΣ ΔΙΑΠΡΑΓΜΑΤΕΥΣΕΙΣ

ὅτι ἡ πρόσκλησις ἐδόθη ἐπὶ τῆς ἀφιξεώς του καὶ ὅτι αἱ συνομιλίαι θὰ ἀφοροῦν εἰς τὰς προτάσεις διὰ τὴν διώρυγα. ΑΜΜΑΝ, 22. (Ἀσσ. Πρές). — Ἐπιθέσεις ἀνταρτῶν κατὰ στρατιωτικῶν στόχων ἀνεφέρθησαν εἰς τὴν περιοχὴν τῆς Τζερὰς. Ἡ κυβέρνησις ἀνακοινοῖ ὅτι ἡ κατάστασις εἶναι ὑπὸ ἔλεγχον καὶ ὅτι ἐπικρατεῖ ὁμαλότης εἰς ὁλόκληρον τὴν χώραν.

ΕΣΤΡΕΦΙΣΑΙ ΑΠΕΙΛΟΥΝ ΜΕ ΕΠΙΘΕΣΙΝ ΤΑΣ ΕΙΣ ΛΟΝΔΙΝΟΝ ΙΣΠΑΝΙΚΑΣ ΤΡΑΠΕΖΑΣ

μέσου τοῦ Ἰορδανικοῦ ποταμοῦ. Ἡ Φάλαγξ δὲν ἔχει ἀπαντήσει εἰς τὰς ἐκκλήσεις τῆς κυβερνήσεως. ΡΑΜΑΘ, 22. (Ρώυτερ). — Ὁ βασιλεὺς Χουσεῒν ἐπεδοκίμασε τὰ μέτρα τῆς κυβερνήσεως διὰ τὴν ἀποκατάστασιν τῆς τάξεως. ΤΕΛ ΑΒΙΒ, 22. (Ἀσσ. Πρές). — Δύο ἀντάρται ἐφονεύθησαν κατὰ σύγκρουσιν μετὰ ἰσραηλινῆς περιπόλου.

ΠΕΝΤΕ ΝΕΚΡΟΙ ΚΑΤΑ ΤΗΝ ΕΚΡΗΞΙΝ ΑΜΙΑΝΤΟΣΚΟΝΗΣ

ΙΕΡΟΥΣΑΛΗΜ, 22. (Ρώυτερ). — Ἀνησυχίαν ἐκφράζουν οἱ ἰσραηλινοὶ κύκλοι διὰ τὴν καθυστέρησιν τῆς ἀπαντήσεως τῆς Ουάσιγκτων εἰς τὸ αἴτημα τῆς παροχῆς νέων ἀεροσκαφῶν «Φάντομ». Ὁ ὑφυπουργὸς Ἐξωτερικῶν κ. Σίσκο, ὁ ὁποῖος ἀφίκνεται σήμερον εἰς Ἰσραήλ, δὲν ἀναμένεται νὰ φέρῃ τὴν ἀπάντησιν. Ἡ ἀμερικανικὴ κυβέρνησις ἐξετάζει ἀκόμη τὸ θέμα εἰς συνάρτησιν πρὸς τὰς προσπαθείας διὰ μίαν μερικὴν συμφωνίαν περὶ ἐπαναλειτουργίας τῆς διώρυγος τοῦ Σουέζ.

Η ΚΟΙΝΗ ΑΓΟΡΑ ΘΑ ΕΦΑΡΜΟΣΗ ΝΕΟΝ ΣΥΣΤΗΜΑ ΠΡΟΣ ΠΡΟΣΤΑΣΙΑΝ ΤΩΝ ΕΙΣΑΓΩΓΩΝ ΤΟΜΑΤΟΠΟΛΤΟΥ
ΟΥΔΟΛΩΣ ΘΙΓΟΝΤΑΙ, ΜΕΤΑΔΙΔΕΤΑΙ, ΕΛΛΗΝΙΚΑΙ ΕΞΑΓΩΓΑΙ

ΒΡΥΞΕΛΛΑΙ, 22. (Ρώυτερ). — Ἡ Κοινὴ Ἀγορὰ θὰ ἐφαρμόσῃ νέον σύστημα πρὸς προστασίαν τῶν εἰσαγωγῶν τοματοπολτοῦ. Αἱ ἑλληνικαὶ ἐξαγωγαὶ οὐδόλως θίγονται.

75.000.000 ΔΟΛΛΑΡΙΑ ΤΟ ΕΛΛΕΙΜΜΑ ΤΟΥ ΠΡΟΫΠΟΛΟΓΙΣΜΟΥ ΤΗΣ ΑΥΣΤΡΑΛΙΑΣ

μέσου τοῦ Ἰορδανικοῦ ποταμοῦ. Ἡ Φάλαγξ δὲν ἔχει ἀπαντήσει εἰς τὰς ἐκκλήσεις τῆς κυβερνήσεως. ΡΑΜΑΘ, 22. (Ρώυτερ). — Ὁ βασιλεὺς Χουσεῒν ἐπεδοκίμασε τὰ μέτρα τῆς κυβερνήσεως διὰ τὴν ἀποκατάστασιν τῆς τάξεως. ΤΕΛ ΑΒΙΒ, 22. (Ἀσσ. Πρές). — Δύο ἀντάρται ἐφονεύθησαν κατὰ σύγκρουσιν μετὰ ἰσραηλινῆς περιπόλου.

ΔΙ’ ΑΣΚΗΣΙΝ ΠΡΟΠΑΓΑΝΔΑΣ ΠΡΟΣ ΑΝΥΠΑΚΟΗΝ ΚΑΤΗΓΟΡΕΙΤΑΙ Ο ΙΤΑΛΟΣ ΠΑΡΑΓΩΓΟΣ κ. ΠΑΖΟΛΙΝΙ

ὅτι ἡ πρόσκλησις ἐδόθη ἐπὶ τῆς ἀφιξεώς του καὶ ὅτι αἱ συνομιλίαι θὰ ἀφοροῦν εἰς τὰς προτάσεις διὰ τὴν διώρυγα. ΑΜΜΑΝ, 22. (Ἀσσ. Πρές). — Ἐπιθέσεις ἀνταρτῶν κατὰ στρατιωτικῶν στόχων ἀνεφέρθησαν εἰς τὴν περιοχὴν τῆς Τζερὰς. Ἡ κυβέρνησις ἀνακοινοῖ ὅτι ἡ κατάστασις εἶναι ὑπὸ ἔλεγχον καὶ ὅτι ἐπικρατεῖ ὁμαλότης εἰς ὁλόκληρον τὴν χώραν.

Η ΙΝΔΙΑ ΑΠΕΙΛΕΙ ΤΟΥΣ ΚΑΤΟΙΚΟΥΣ ΤΟΥ ΑΝ. ΠΑΚΙΣΤΑΝ

ΙΕΡΟΥΣΑΛΗΜ, 22. (Ρώυτερ). — Ἀνησυχίαν ἐκφράζουν οἱ ἰσραηλινοὶ κύκλοι διὰ τὴν καθυστέρησιν τῆς ἀπαντήσεως τῆς Ουάσιγκτων εἰς τὸ αἴτημα τῆς παροχῆς νέων ἀεροσκαφῶν «Φάντομ». Ὁ ὑφυπουργὸς Ἐξωτερικῶν κ. Σίσκο, ὁ ὁποῖος ἀφίκνεται σήμερον εἰς Ἰσραήλ, δὲν ἀναμένεται νὰ φέρῃ τὴν ἀπάντησιν. Ἡ ἀμερικανικὴ κυβέρνησις ἐξετάζει ἀκόμη τὸ θέμα εἰς συνάρτησιν πρὸς τὰς προσπαθείας διὰ μίαν μερικὴν συμφωνίαν περὶ ἐπαναλειτουργίας τῆς διώρυγος τοῦ Σουέζ.

ΥΠΕΡΕΒΗΣΑΝ ΚΑΘΕ ΠΡΟΗΓΟΥΜΕΝΟΝ, ΑΝΕΚΟΙΝΩΘΗ ΤΑ ΕΙΣ ΧΡΥΣΟΝ ΚΑΙ ΣΥΝΑΛΛΑΓΜΑ ΙΣΠΑΝΙΚΑ ΑΠΟΘΕΜΑΤΑ

ΜΑΔΡΙΤΗ, 22. (Ρώυτερ). — Τὰ εἰς χρυσὸν καὶ συνάλλαγμα ἰσπανικὰ ἀποθέματα ὑπερέβησαν κάθε προηγούμενον, ἀνελθόντα εἰς 2.350 ἑκατομμύρια δολλάρια.

ΑΠΕΛΑΣΙΣ ΡΩΣΟΥ ΕΚ ΓΚΑΝΑΣ

μέσου τοῦ Ἰορδανικοῦ ποταμοῦ. Ἡ Φάλαγξ δὲν ἔχει ἀπαντήσει εἰς τὰς ἐκκλήσεις τῆς κυβερνήσεως. ΡΑΜΑΘ, 22. (Ρώυτερ). — Ὁ βασιλεὺς Χουσεῒν ἐπεδοκίμασε τὰ μέτρα τῆς κυβερνήσεως διὰ τὴν ἀποκατάστασιν τῆς τάξεως. ΤΕΛ ΑΒΙΒ, 22. (Ἀσσ. Πρές). — Δύο ἀντάρται ἐφονεύθησαν κατὰ σύγκρουσιν μετὰ ἰσραηλινῆς περιπόλου.

ΔΥΟ ΑΜΕΡΙΚΑΝΟΕΒΡΑΙΟΙ ΑΠΑΛΛΑΧΘΗΣΑΝ ΕΚ ΡΩΣΣΙΑΣ ΚΑΤΗΓΟΡΟΥΜΕΝΟΙ ΔΙ’ ΑΝΤΙΣΟΒΙΕΤΙΚΗΝ ΔΡΑΣΤΗΡΙΟΤΗΤΑ

ΛΟΝΔΙΝΟΝ, 22. (Ρώυτερ). — Δύο Ἀμερικανοεβραῖοι ἀπηλλάγησαν ἐκ Ρωσσίας κατηγορούμενοι δι’ ἀντισοβιετικὴν δραστηριότητα, ἀνεκοίνωσεν ἡ Ἕνωσις Συμβουλίων.

ΤΡΕΙΣ ΚΥΠΡΙΟΙ ΚΑΙ ΜΙΑ ΕΛΛΗΝΙΣ ΕΦΟΝΕΥΘΗΣΑΝ ΕΙΣ ΑΤΥΧΗΜΑ

ὅτι ἡ πρόσκλησις ἐδόθη ἐπὶ τῆς ἀφιξεώς του καὶ ὅτι αἱ συνομιλίαι θὰ ἀφοροῦν εἰς τὰς προτάσεις διὰ τὴν διώρυγα. ΑΜΜΑΝ, 22. (Ἀσσ. Πρές). — Ἐπιθέσεις ἀνταρτῶν κατὰ στρατιωτικῶν στόχων ἀνεφέρθησαν εἰς τὴν περιοχὴν τῆς Τζερὰς. Ἡ κυβέρνησις ἀνακοινοῖ ὅτι ἡ κατάστασις εἶναι ὑπὸ ἔλεγχον καὶ ὅτι ἐπικρατεῖ ὁμαλότης εἰς ὁλόκληρον τὴν χώραν.

ΟΡΘΟΠΕΔΙΚΗ ΔΙΑΒΑΤΗΡΙΩΝ
ΕΙΣ ΑΝΟΔΟΝ Η ΘΕΡΜΟΚΡΑΣΙΑ ΣΗΜΕΡΟΝ

Κατὰ πληροφορίας τῆς Μετεωρολογικῆς Ὑπηρεσίας ὁ καιρὸς θὰ εἶναι αἴθριος μὲ ἐλαφρὰν ἄνοδον τῆς θερμοκρασίας. Θερμοκρασία χθές: Ἀθῆναι 21—29, Θεσσαλονίκη 18—27.
